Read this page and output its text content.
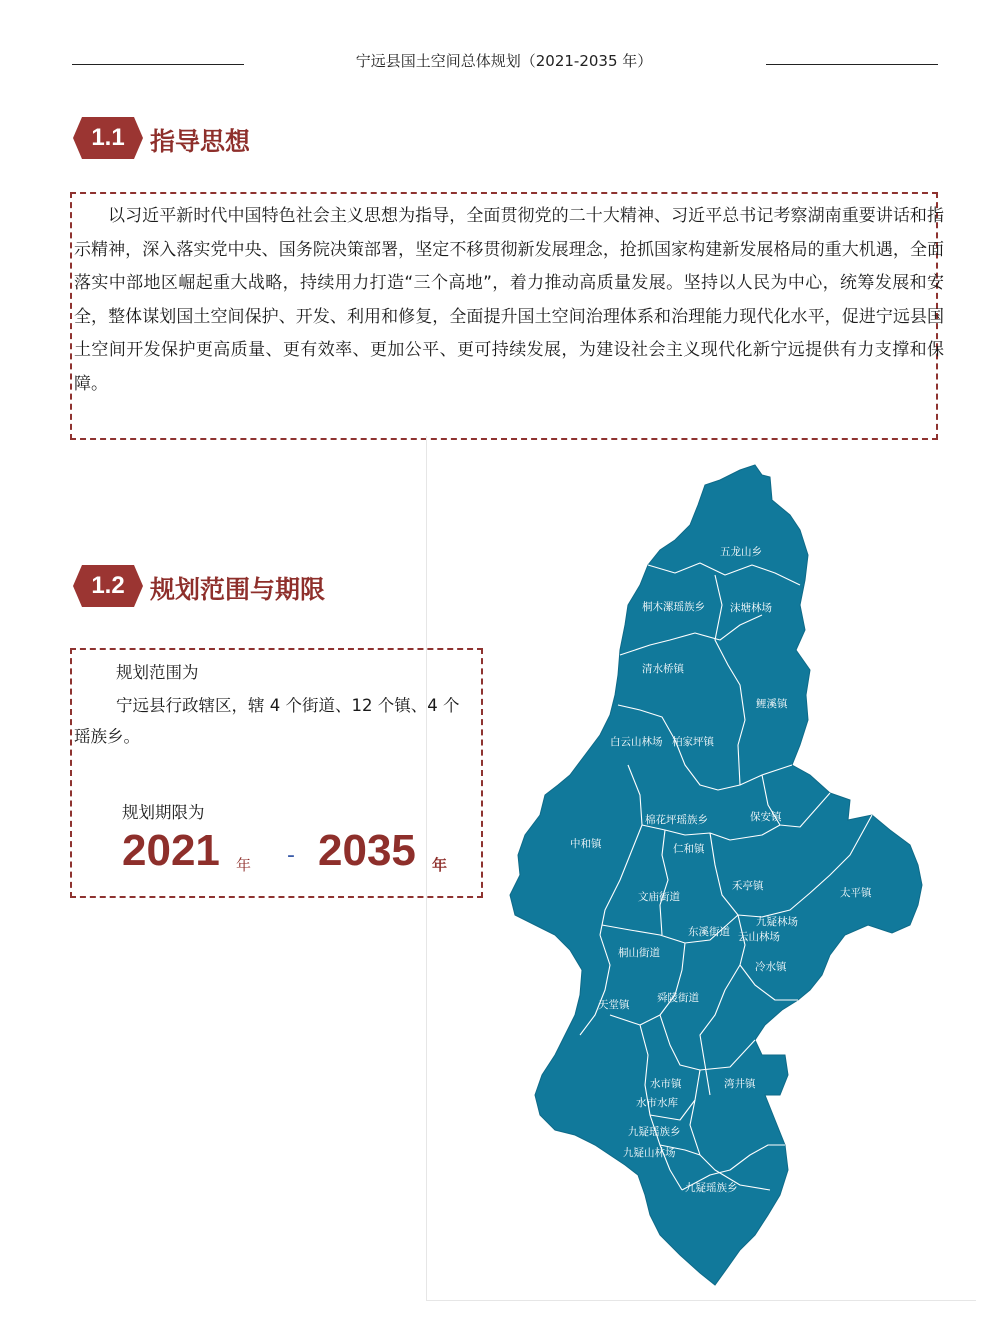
宁远县国土空间总体规划（2021-2035 年）
1.1	指导思想
以习近平新时代中国特色社会主义思想为指导，全面贯彻党的二十大精神、习近平总书记考察湖南重要讲话和指示精神，深入落实党中央、国务院决策部署，坚定不移贯彻新发展理念，抢抓国家构建新发展格局的重大机遇，全面落实中部地区崛起重大战略，持续用力打造“三个高地”，着力推动高质量发展。坚持以人民为中心，统筹发展和安全，整体谋划国土空间保护、开发、利用和修复，全面提升国土空间治理体系和治理能力现代化水平，促进宁远县国土空间开发保护更高质量、更有效率、更加公平、更可持续发展，为建设社会主义现代化新宁远提供有力支撑和保障。
1.2	规划范围与期限
规划范围为
宁远县行政辖区，辖 4 个街道、12 个镇、4 个瑶族乡。
规划期限为
2021 年 - 2035 年
五龙山乡
桐木漯瑶族乡 沫塘林场
清水桥镇
鲤溪镇
白云山林场 柏家坪镇
中和镇
棉花坪瑶族乡	保安镇
仁和镇
禾亭镇
太平镇
文庙街道
东溪街道
冷水镇
桐山街道
舜陵街道
天堂镇
湾井镇
水市镇
水市水库
九疑瑶族乡
九疑山林场
九疑瑶族乡
云山林场
九疑林场
